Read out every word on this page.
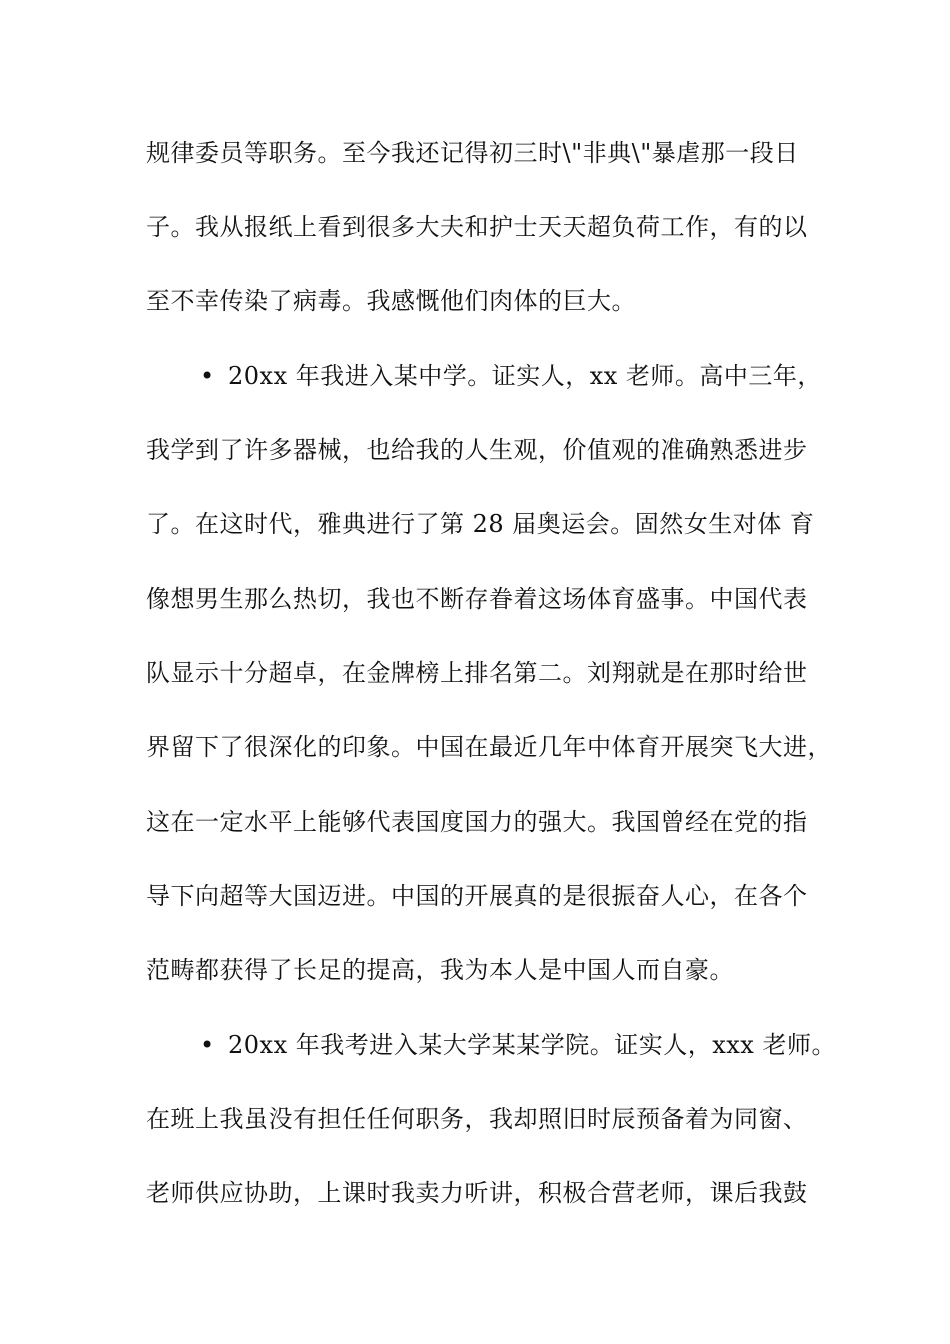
规律委员等职务。至今我还记得初三时\"非典\"暴虐那一段日
子。我从报纸上看到很多大夫和护士天天超负荷工作，有的以
至不幸传染了病毒。我感慨他们肉体的巨大。
• 20xx 年我进入某中学。证实人，xx 老师。高中三年，
我学到了许多器械，也给我的人生观，价值观的准确熟悉进步
了。在这时代，雅典进行了第 28 届奥运会。固然女生对体 育
像想男生那么热切，我也不断存眷着这场体育盛事。中国代表
队显示十分超卓，在金牌榜上排名第二。刘翔就是在那时给世
界留下了很深化的印象。中国在最近几年中体育开展突飞大进，
这在一定水平上能够代表国度国力的强大。我国曾经在党的指
导下向超等大国迈进。中国的开展真的是很振奋人心，在各个
范畴都获得了长足的提高，我为本人是中国人而自豪。
• 20xx 年我考进入某大学某某学院。证实人，xxx 老师。
在班上我虽没有担任任何职务，我却照旧时辰预备着为同窗、
老师供应协助，上课时我卖力听讲，积极合营老师，课后我鼓
